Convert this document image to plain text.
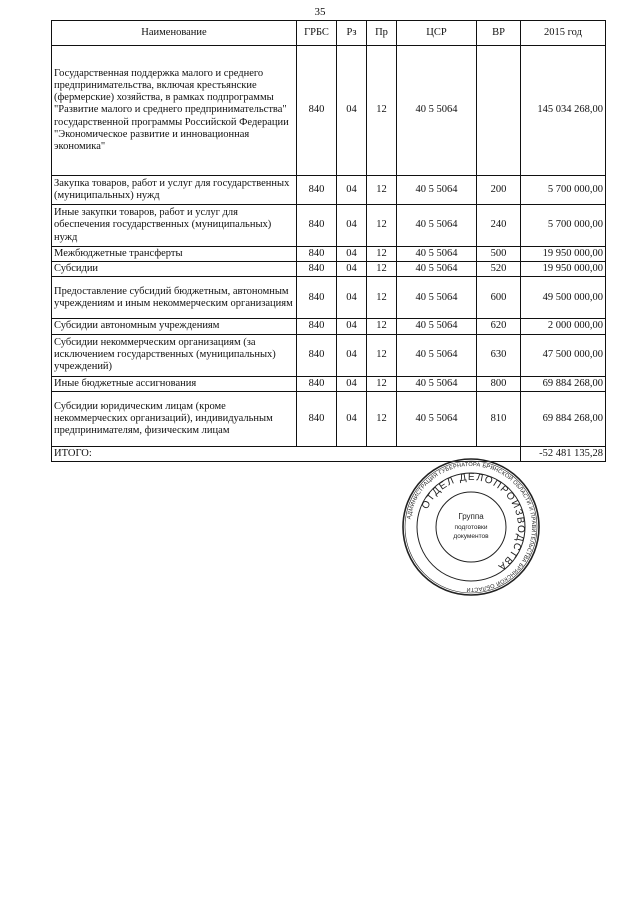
35
Наименование	ГРБС	Рз	Пр	ЦСР	ВР	2015 год
Государственная поддержка малого и среднего предпринимательства, включая крестьянские (фермерские) хозяйства, в рамках подпрограммы "Развитие малого и среднего предпринимательства" государственной программы Российской Федерации "Экономическое развитие и инновационная экономика"	840	04	12	40 5 5064		145 034 268,00
Закупка товаров, работ и услуг для государственных (муниципальных) нужд	840	04	12	40 5 5064	200	5 700 000,00
Иные закупки товаров, работ и услуг для обеспечения государственных (муниципальных) нужд	840	04	12	40 5 5064	240	5 700 000,00
Межбюджетные трансферты	840	04	12	40 5 5064	500	19 950 000,00
Субсидии	840	04	12	40 5 5064	520	19 950 000,00
Предоставление субсидий бюджетным, автономным учреждениям и иным некоммерческим организациям	840	04	12	40 5 5064	600	49 500 000,00
Субсидии автономным учреждениям	840	04	12	40 5 5064	620	2 000 000,00
Субсидии некоммерческим организациям (за исключением государственных (муниципальных) учреждений)	840	04	12	40 5 5064	630	47 500 000,00
Иные бюджетные ассигнования	840	04	12	40 5 5064	800	69 884 268,00
Субсидии юридическим лицам (кроме некоммерческих организаций), индивидуальным предпринимателям, физическим лицам	840	04	12	40 5 5064	810	69 884 268,00
ИТОГО:						-52 481 135,28
АДМИНИСТРАЦИЯ ГУБЕРНАТОРА БРЯНСКОЙ ОБЛАСТИ И ПРАВИТЕЛЬСТВА БРЯНСКОЙ ОБЛАСТИ
ОТДЕЛ ДЕЛОПРОИЗВОДСТВА
Группа
подготовки
документов
